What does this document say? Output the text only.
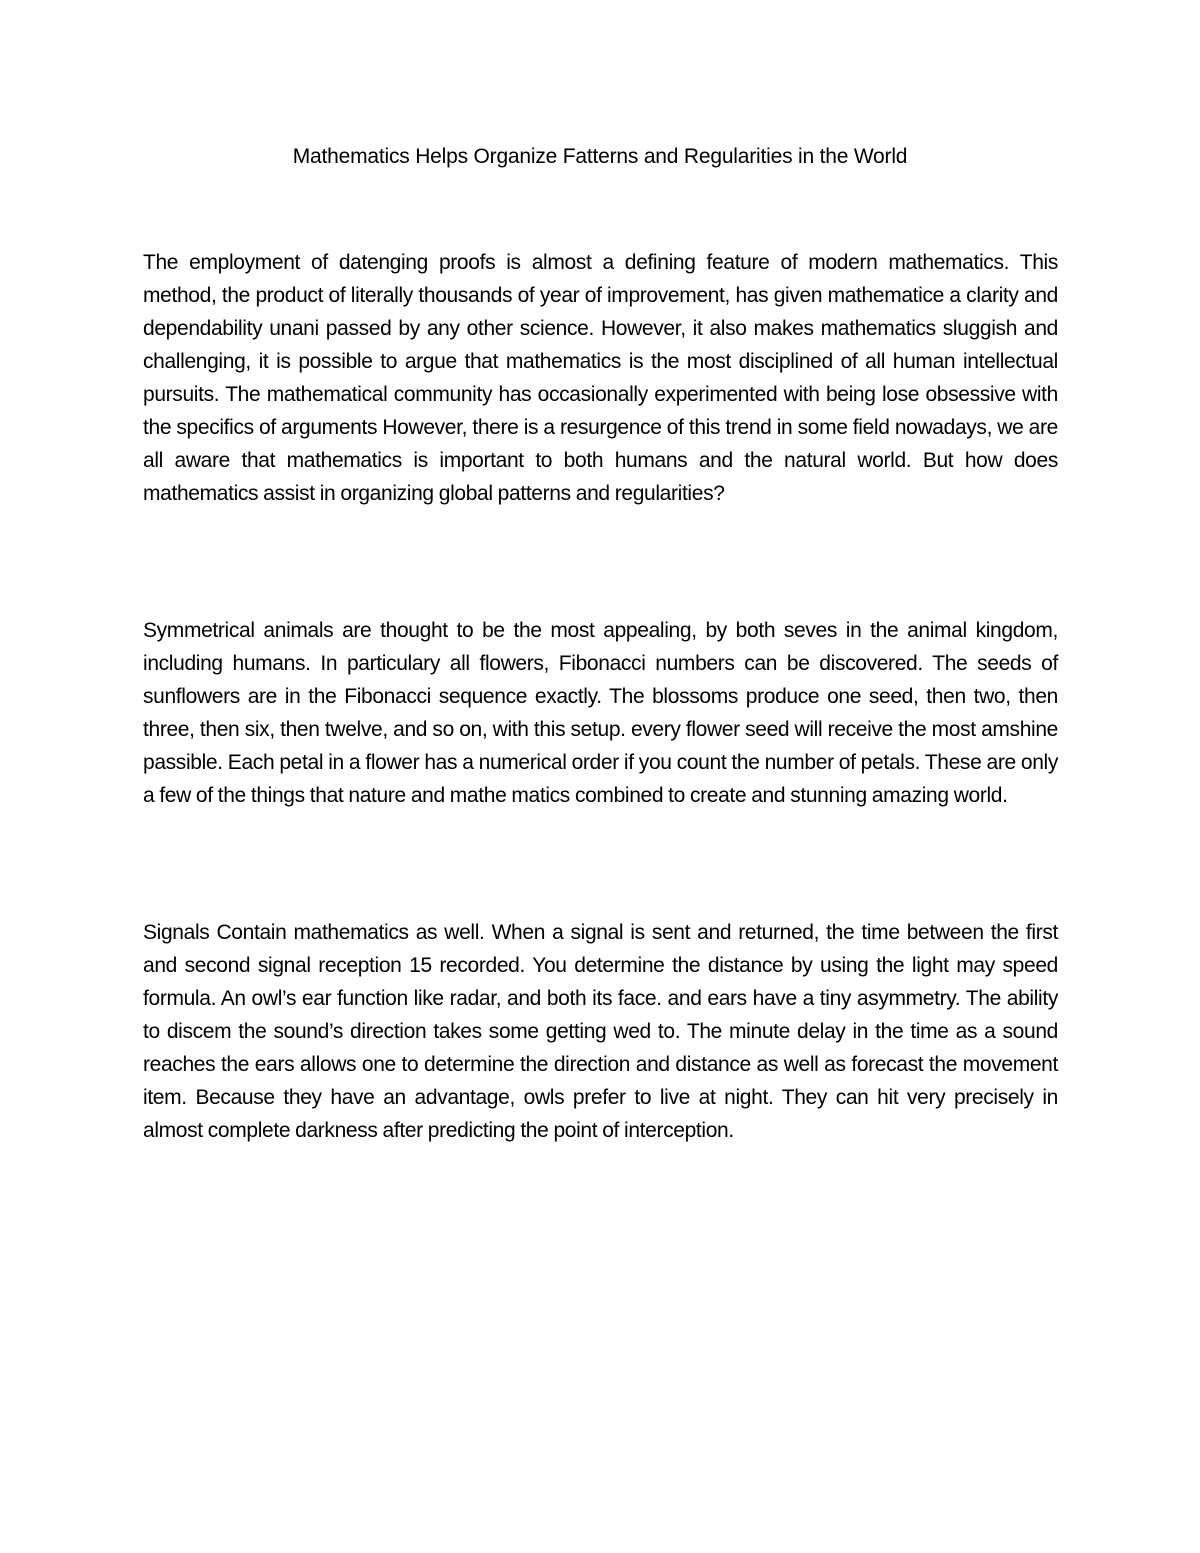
Mathematics Helps Organize Fatterns and Regularities in the World

The employment of datenging proofs is almost a defining feature of modern mathematics. This method, the product of literally thousands of year of improvement, has given mathematice a clarity and dependability unani passed by any other science. However, it also makes mathematics sluggish and challenging, it is possible to argue that mathematics is the most disciplined of all human intellectual pursuits. The mathematical community has occasionally experimented with being lose obsessive with the specifics of arguments However, there is a resurgence of this trend in some field nowadays, we are all aware that mathematics is important to both humans and the natural world. But how does mathematics assist in organizing global patterns and regularities?

Symmetrical animals are thought to be the most appealing, by both seves in the animal kingdom, including humans. In particulary all flowers, Fibonacci numbers can be discovered. The seeds of sunflowers are in the Fibonacci sequence exactly. The blossoms produce one seed, then two, then three, then six, then twelve, and so on, with this setup. every flower seed will receive the most amshine passible. Each petal in a flower has a numerical order if you count the number of petals. These are only a few of the things that nature and mathe matics combined to create and stunning amazing world.

Signals Contain mathematics as well. When a signal is sent and returned, the time between the first and second signal reception 15 recorded. You determine the distance by using the light may speed formula. An owl’s ear function like radar, and both its face. and ears have a tiny asymmetry. The ability to discem the sound’s direction takes some getting wed to. The minute delay in the time as a sound reaches the ears allows one to determine the direction and distance as well as forecast the movement item. Because they have an advantage, owls prefer to live at night. They can hit very precisely in almost complete darkness after predicting the point of interception.
